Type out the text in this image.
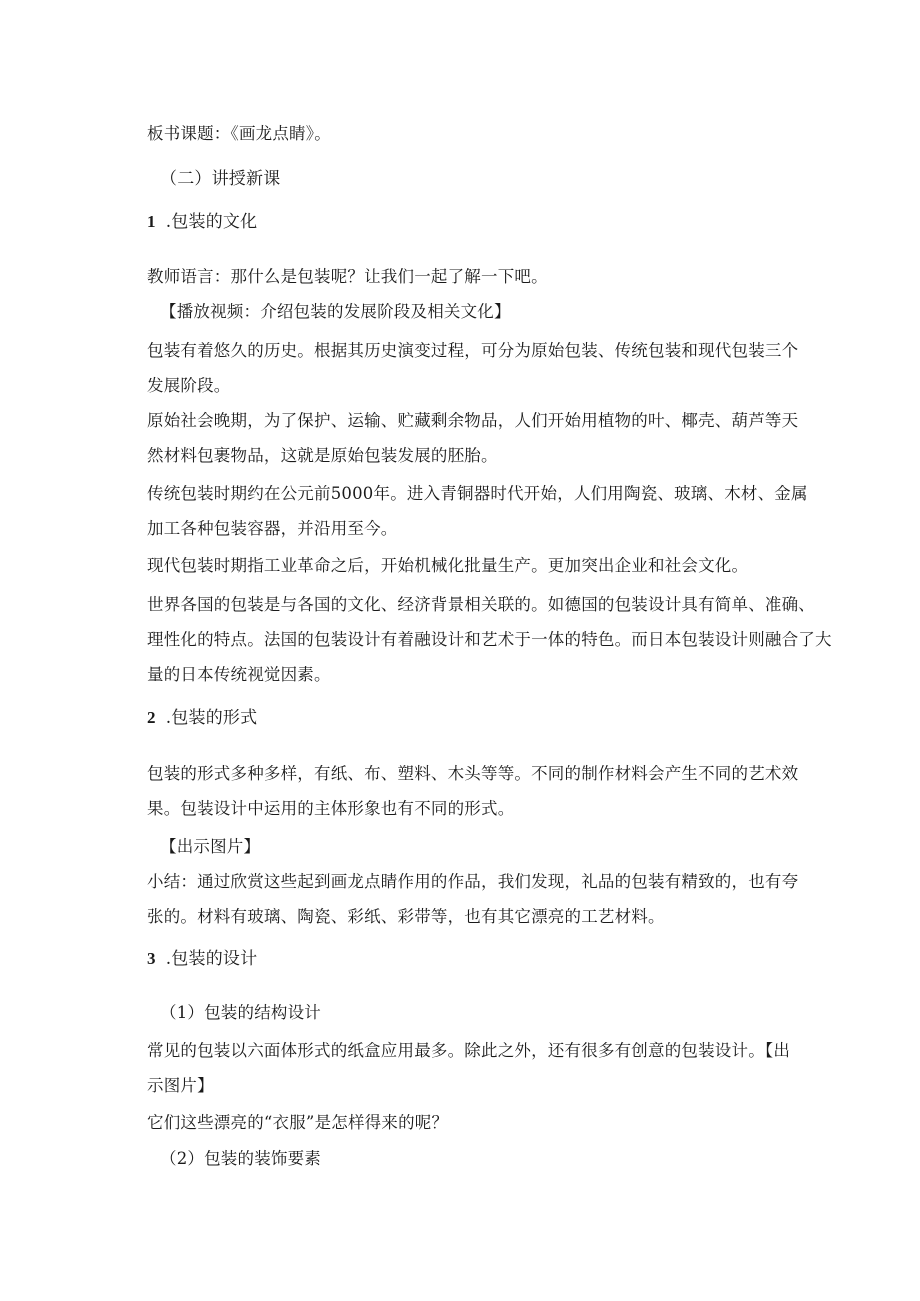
板书课题：《画龙点睛》。
（二）讲授新课
1 .包装的文化
教师语言：那什么是包装呢？让我们一起了解一下吧。
【播放视频：介绍包装的发展阶段及相关文化】
包装有着悠久的历史。根据其历史演变过程，可分为原始包装、传统包装和现代包装三个
发展阶段。
原始社会晚期，为了保护、运输、贮藏剩余物品，人们开始用植物的叶、椰壳、葫芦等天
然材料包裹物品，这就是原始包装发展的胚胎。
传统包装时期约在公元前5000年。进入青铜器时代开始，人们用陶瓷、玻璃、木材、金属
加工各种包装容器，并沿用至今。
现代包装时期指工业革命之后，开始机械化批量生产。更加突出企业和社会文化。
世界各国的包装是与各国的文化、经济背景相关联的。如德国的包装设计具有简单、准确、
理性化的特点。法国的包装设计有着融设计和艺术于一体的特色。而日本包装设计则融合了大
量的日本传统视觉因素。
2 .包装的形式
包装的形式多种多样，有纸、布、塑料、木头等等。不同的制作材料会产生不同的艺术效
果。包装设计中运用的主体形象也有不同的形式。
【出示图片】
小结：通过欣赏这些起到画龙点睛作用的作品，我们发现，礼品的包装有精致的，也有夸
张的。材料有玻璃、陶瓷、彩纸、彩带等，也有其它漂亮的工艺材料。
3 .包装的设计
（1）包装的结构设计
常见的包装以六面体形式的纸盒应用最多。除此之外，还有很多有创意的包装设计。【出
示图片】
它们这些漂亮的“衣服”是怎样得来的呢？
（2）包装的装饰要素
